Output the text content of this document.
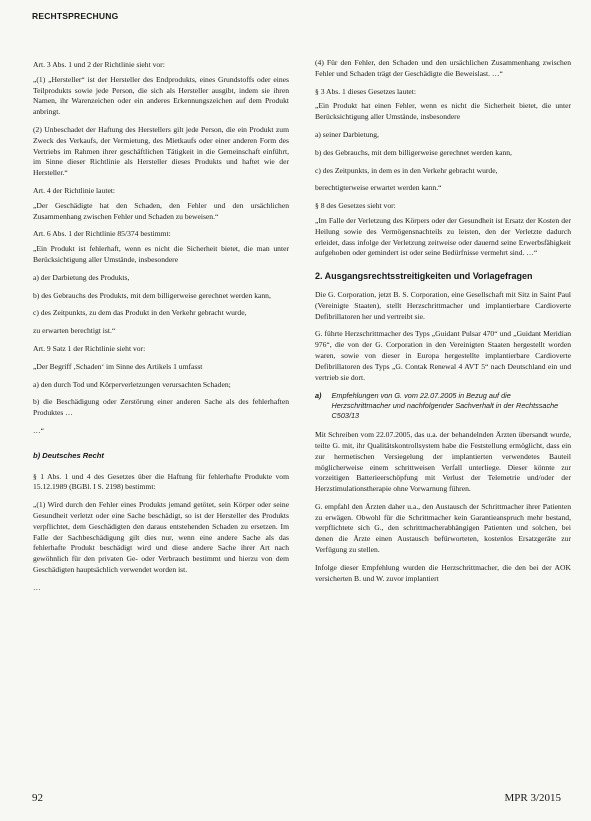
RECHTSPRECHUNG

Art. 3 Abs. 1 und 2 der Richtlinie sieht vor:

„(1) „Hersteller“ ist der Hersteller des Endprodukts, eines Grundstoffs oder eines Teilprodukts sowie jede Person, die sich als Hersteller ausgibt, indem sie ihren Namen, ihr Warenzeichen oder ein anderes Erkennungszeichen auf dem Produkt anbringt.

(2) Unbeschadet der Haftung des Herstellers gilt jede Person, die ein Produkt zum Zweck des Verkaufs, der Vermietung, des Mietkaufs oder einer anderen Form des Vertriebs im Rahmen ihrer geschäftlichen Tätigkeit in die Gemeinschaft einführt, im Sinne dieser Richtlinie als Hersteller dieses Produkts und haftet wie der Hersteller.“

Art. 4 der Richtlinie lautet:

„Der Geschädigte hat den Schaden, den Fehler und den ursächlichen Zusammenhang zwischen Fehler und Schaden zu beweisen.“

Art. 6 Abs. 1 der Richtlinie 85/374 bestimmt:

„Ein Produkt ist fehlerhaft, wenn es nicht die Sicherheit bietet, die man unter Berücksichtigung aller Umstände, insbesondere

a) der Darbietung des Produkts,

b) des Gebrauchs des Produkts, mit dem billigerweise gerechnet werden kann,

c) des Zeitpunkts, zu dem das Produkt in den Verkehr gebracht wurde,

zu erwarten berechtigt ist.“

Art. 9 Satz 1 der Richtlinie sieht vor:

„Der Begriff ‚Schaden‘ im Sinne des Artikels 1 umfasst

a) den durch Tod und Körperverletzungen verursachten Schaden;

b) die Beschädigung oder Zerstörung einer anderen Sache als des fehlerhaften Produktes …

…“

b) Deutsches Recht

§ 1 Abs. 1 und 4 des Gesetzes über die Haftung für fehlerhafte Produkte vom 15.12.1989 (BGBl. I S. 2198) bestimmt:

„(1) Wird durch den Fehler eines Produkts jemand getötet, sein Körper oder seine Gesundheit verletzt oder eine Sache beschädigt, so ist der Hersteller des Produkts verpflichtet, dem Geschädigten den daraus entstehenden Schaden zu ersetzen. Im Falle der Sachbeschädigung gilt dies nur, wenn eine andere Sache als das fehlerhafte Produkt beschädigt wird und diese andere Sache ihrer Art nach gewöhnlich für den privaten Ge- oder Verbrauch bestimmt und hierzu von dem Geschädigten hauptsächlich verwendet worden ist.

…

(4) Für den Fehler, den Schaden und den ursächlichen Zusammenhang zwischen Fehler und Schaden trägt der Geschädigte die Beweislast. …“

§ 3 Abs. 1 dieses Gesetzes lautet:

„Ein Produkt hat einen Fehler, wenn es nicht die Sicherheit bietet, die unter Berücksichtigung aller Umstände, insbesondere

a) seiner Darbietung,

b) des Gebrauchs, mit dem billigerweise gerechnet werden kann,

c) des Zeitpunkts, in dem es in den Verkehr gebracht wurde,

berechtigterweise erwartet werden kann.“

§ 8 des Gesetzes sieht vor:

„Im Falle der Verletzung des Körpers oder der Gesundheit ist Ersatz der Kosten der Heilung sowie des Vermögensnachteils zu leisten, den der Verletzte dadurch erleidet, dass infolge der Verletzung zeitweise oder dauernd seine Erwerbsfähigkeit aufgehoben oder gemindert ist oder seine Bedürfnisse vermehrt sind. …“

2. Ausgangsrechtsstreitigkeiten und Vorlagefragen

Die G. Corporation, jetzt B. S. Corporation, eine Gesellschaft mit Sitz in Saint Paul (Vereinigte Staaten), stellt Herzschrittmacher und implantierbare Cardioverte Defibrillatoren her und vertreibt sie.

G. führte Herzschrittmacher des Typs „Guidant Pulsar 470“ und „Guidant Meridian 976“, die von der G. Corporation in den Vereinigten Staaten hergestellt worden waren, sowie von dieser in Europa hergestellte implantierbare Cardioverte Defibrillatoren des Typs „G. Contak Renewal 4 AVT 5“ nach Deutschland ein und vertrieb sie dort.

a) Empfehlungen von G. vom 22.07.2005 in Bezug auf die Herzschrittmacher und nachfolgender Sachverhalt in der Rechtssache C503/13

Mit Schreiben vom 22.07.2005, das u.a. der behandelnden Ärzten übersandt wurde, teilte G. mit, ihr Qualitätskontrollsystem habe die Feststellung ermöglicht, dass ein zur hermetischen Versiegelung der implantierten verwendetes Bauteil möglicherweise einem schrittweisen Verfall unterliege. Dieser könnte zur vorzeitigen Batterieerschöpfung mit Verlust der Telemetrie und/oder der Herzstimulationstherapie ohne Vorwarnung führen.

G. empfahl den Ärzten daher u.a., den Austausch der Schrittmacher ihrer Patienten zu erwägen. Obwohl für die Schrittmacher kein Garantieanspruch mehr bestand, verpflichtete sich G., den schrittmacherabhängigen Patienten und solchen, bei denen die Ärzte einen Austausch befürworteten, kostenlos Ersatzgeräte zur Verfügung zu stellen.

Infolge dieser Empfehlung wurden die Herzschrittmacher, die den bei der AOK versicherten B. und W. zuvor implantiert

92	MPR 3/2015
